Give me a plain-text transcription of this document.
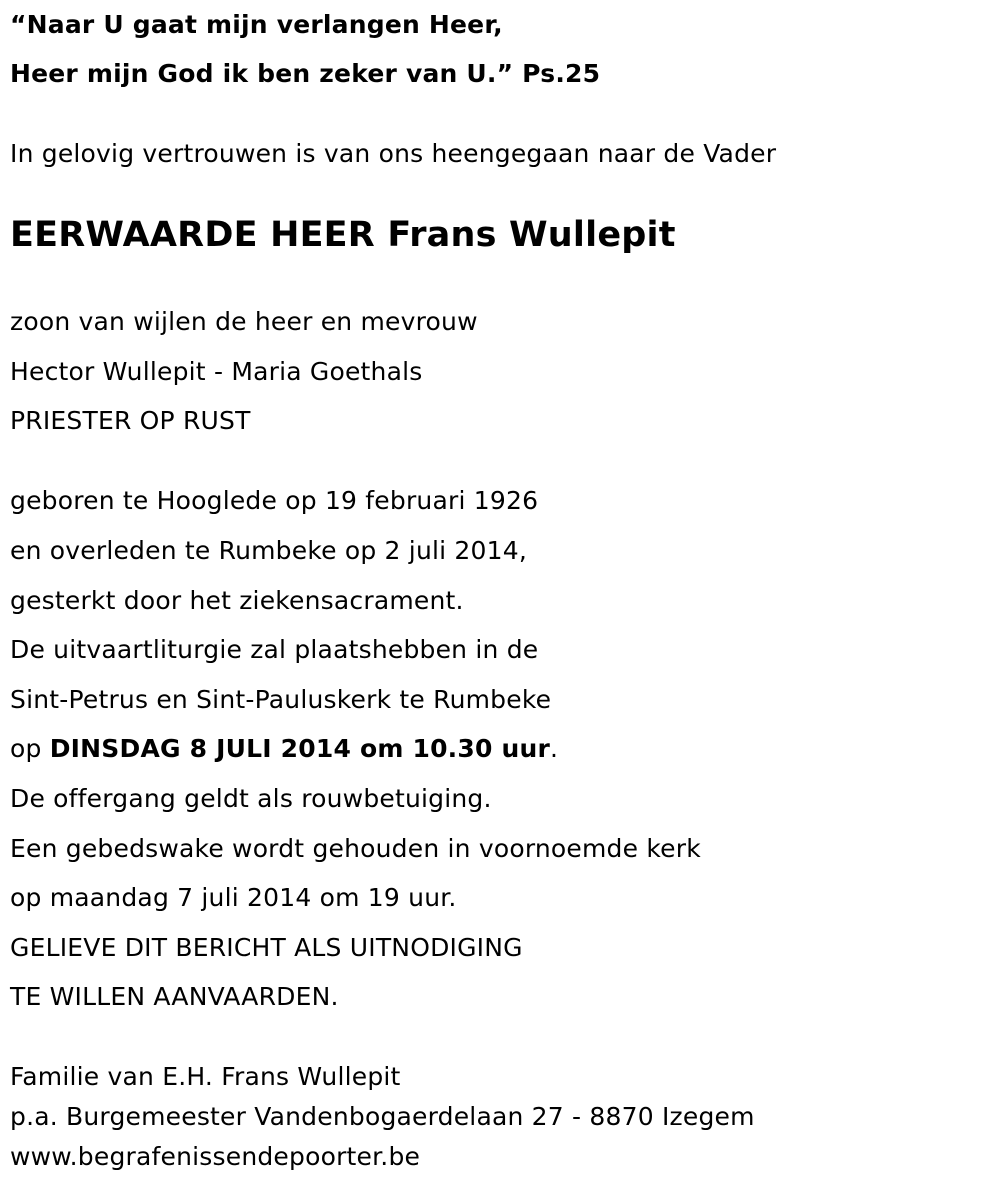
“Naar U gaat mijn verlangen Heer,
Heer mijn God ik ben zeker van U.” Ps.25
In gelovig vertrouwen is van ons heengegaan naar de Vader
EERWAARDE HEER Frans Wullepit
zoon van wijlen de heer en mevrouw
Hector Wullepit - Maria Goethals
PRIESTER OP RUST
geboren te Hooglede op 19 februari 1926
en overleden te Rumbeke op 2 juli 2014,
gesterkt door het ziekensacrament.
De uitvaartliturgie zal plaatshebben in de
Sint-Petrus en Sint-Pauluskerk te Rumbeke
op DINSDAG 8 JULI 2014 om 10.30 uur.
De offergang geldt als rouwbetuiging.
Een gebedswake wordt gehouden in voornoemde kerk
op maandag 7 juli 2014 om 19 uur.
GELIEVE DIT BERICHT ALS UITNODIGING
TE WILLEN AANVAARDEN.
Familie van E.H. Frans Wullepit
p.a. Burgemeester Vandenbogaerdelaan 27 - 8870 Izegem
www.begrafenissendepoorter.be
